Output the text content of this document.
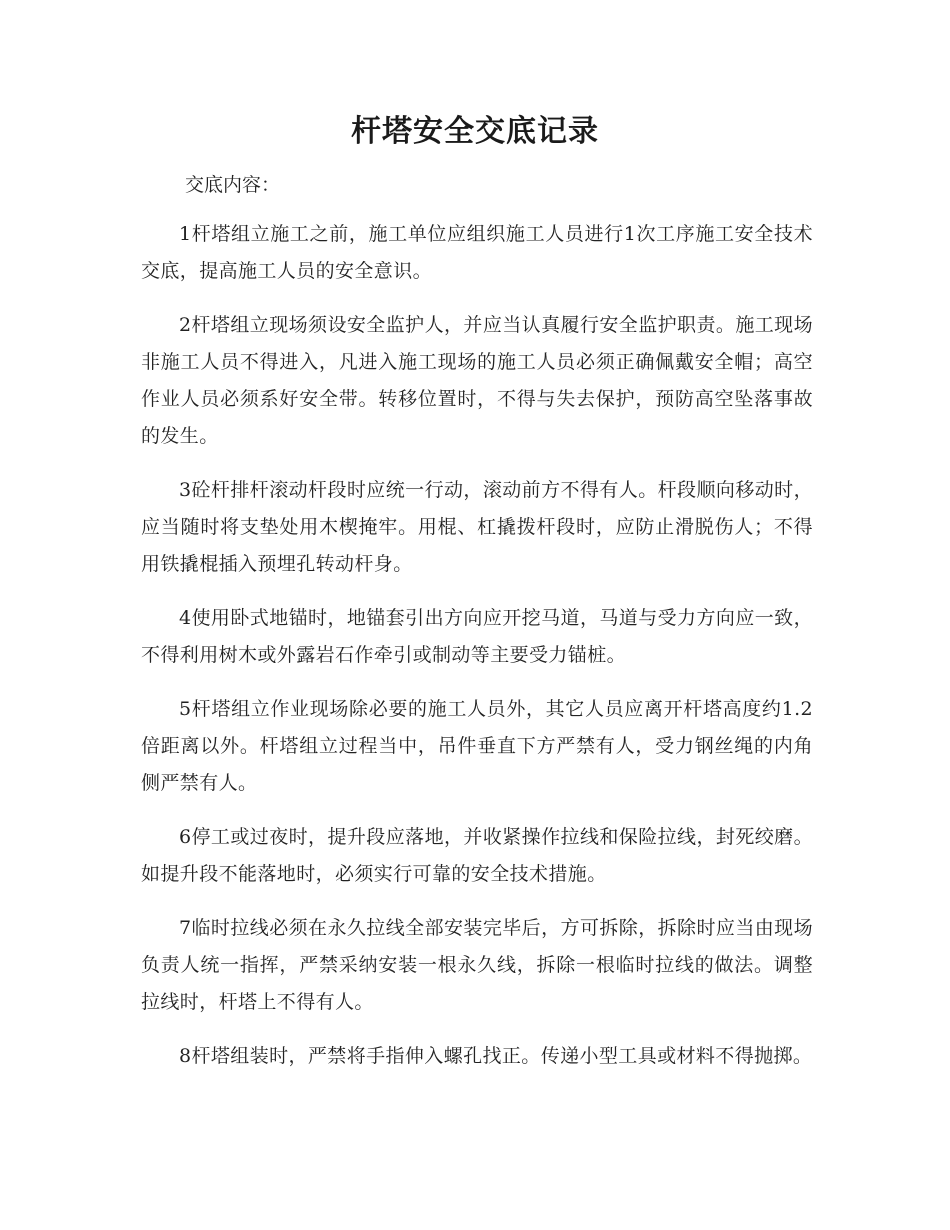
杆塔安全交底记录

交底内容：

1杆塔组立施工之前，施工单位应组织施工人员进行1次工序施工安全技术交底，提高施工人员的安全意识。

2杆塔组立现场须设安全监护人，并应当认真履行安全监护职责。施工现场非施工人员不得进入，凡进入施工现场的施工人员必须正确佩戴安全帽；高空作业人员必须系好安全带。转移位置时，不得与失去保护，预防高空坠落事故的发生。

3砼杆排杆滚动杆段时应统一行动，滚动前方不得有人。杆段顺向移动时，应当随时将支垫处用木楔掩牢。用棍、杠撬拨杆段时，应防止滑脱伤人；不得用铁撬棍插入预埋孔转动杆身。

4使用卧式地锚时，地锚套引出方向应开挖马道，马道与受力方向应一致，不得利用树木或外露岩石作牵引或制动等主要受力锚桩。

5杆塔组立作业现场除必要的施工人员外，其它人员应离开杆塔高度约1.2倍距离以外。杆塔组立过程当中，吊件垂直下方严禁有人，受力钢丝绳的内角侧严禁有人。

6停工或过夜时，提升段应落地，并收紧操作拉线和保险拉线，封死绞磨。如提升段不能落地时，必须实行可靠的安全技术措施。

7临时拉线必须在永久拉线全部安装完毕后，方可拆除，拆除时应当由现场负责人统一指挥，严禁采纳安装一根永久线，拆除一根临时拉线的做法。调整拉线时，杆塔上不得有人。

8杆塔组装时，严禁将手指伸入螺孔找正。传递小型工具或材料不得抛掷。
